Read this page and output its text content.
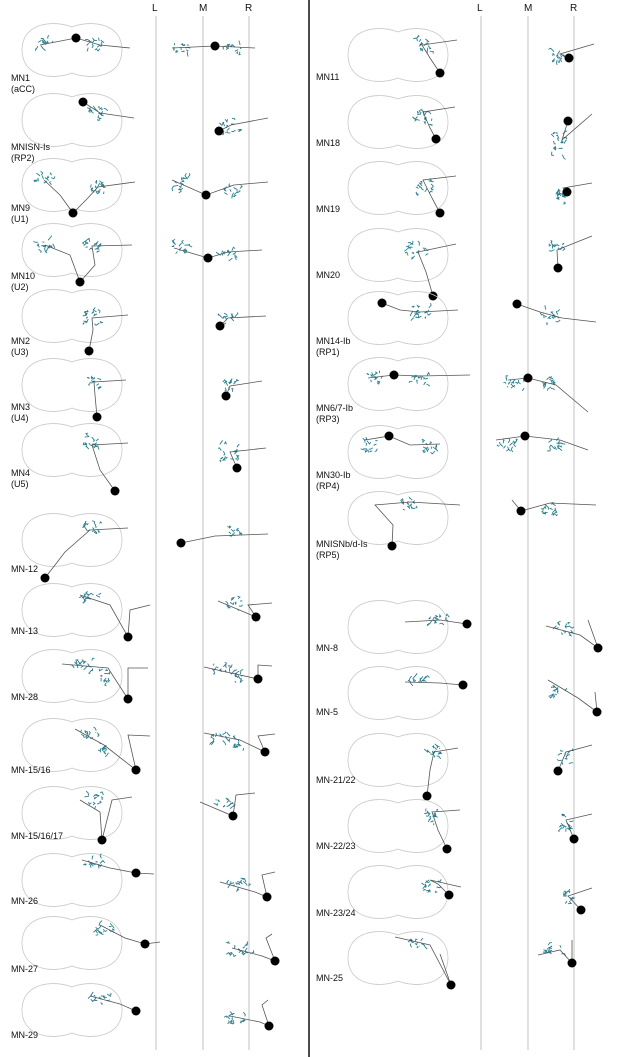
L	M	R	L	M	R
MN1
(aCC)
MNISN-Is
(RP2)
MN9
(U1)
MN10
(U2)
MN2
(U3)
MN3
(U4)
MN4
(U5)
MN-12
MN-13
MN-28
MN-15/16
MN-15/16/17
MN-26
MN-27
MN-29
MN11
MN18
MN19
MN20
MN14-Ib
(RP1)
MN6/7-Ib
(RP3)
MN30-Ib
(RP4)
MNISNb/d-Is
(RP5)
MN-8
MN-5
MN-21/22
MN-22/23
MN-23/24
MN-25
